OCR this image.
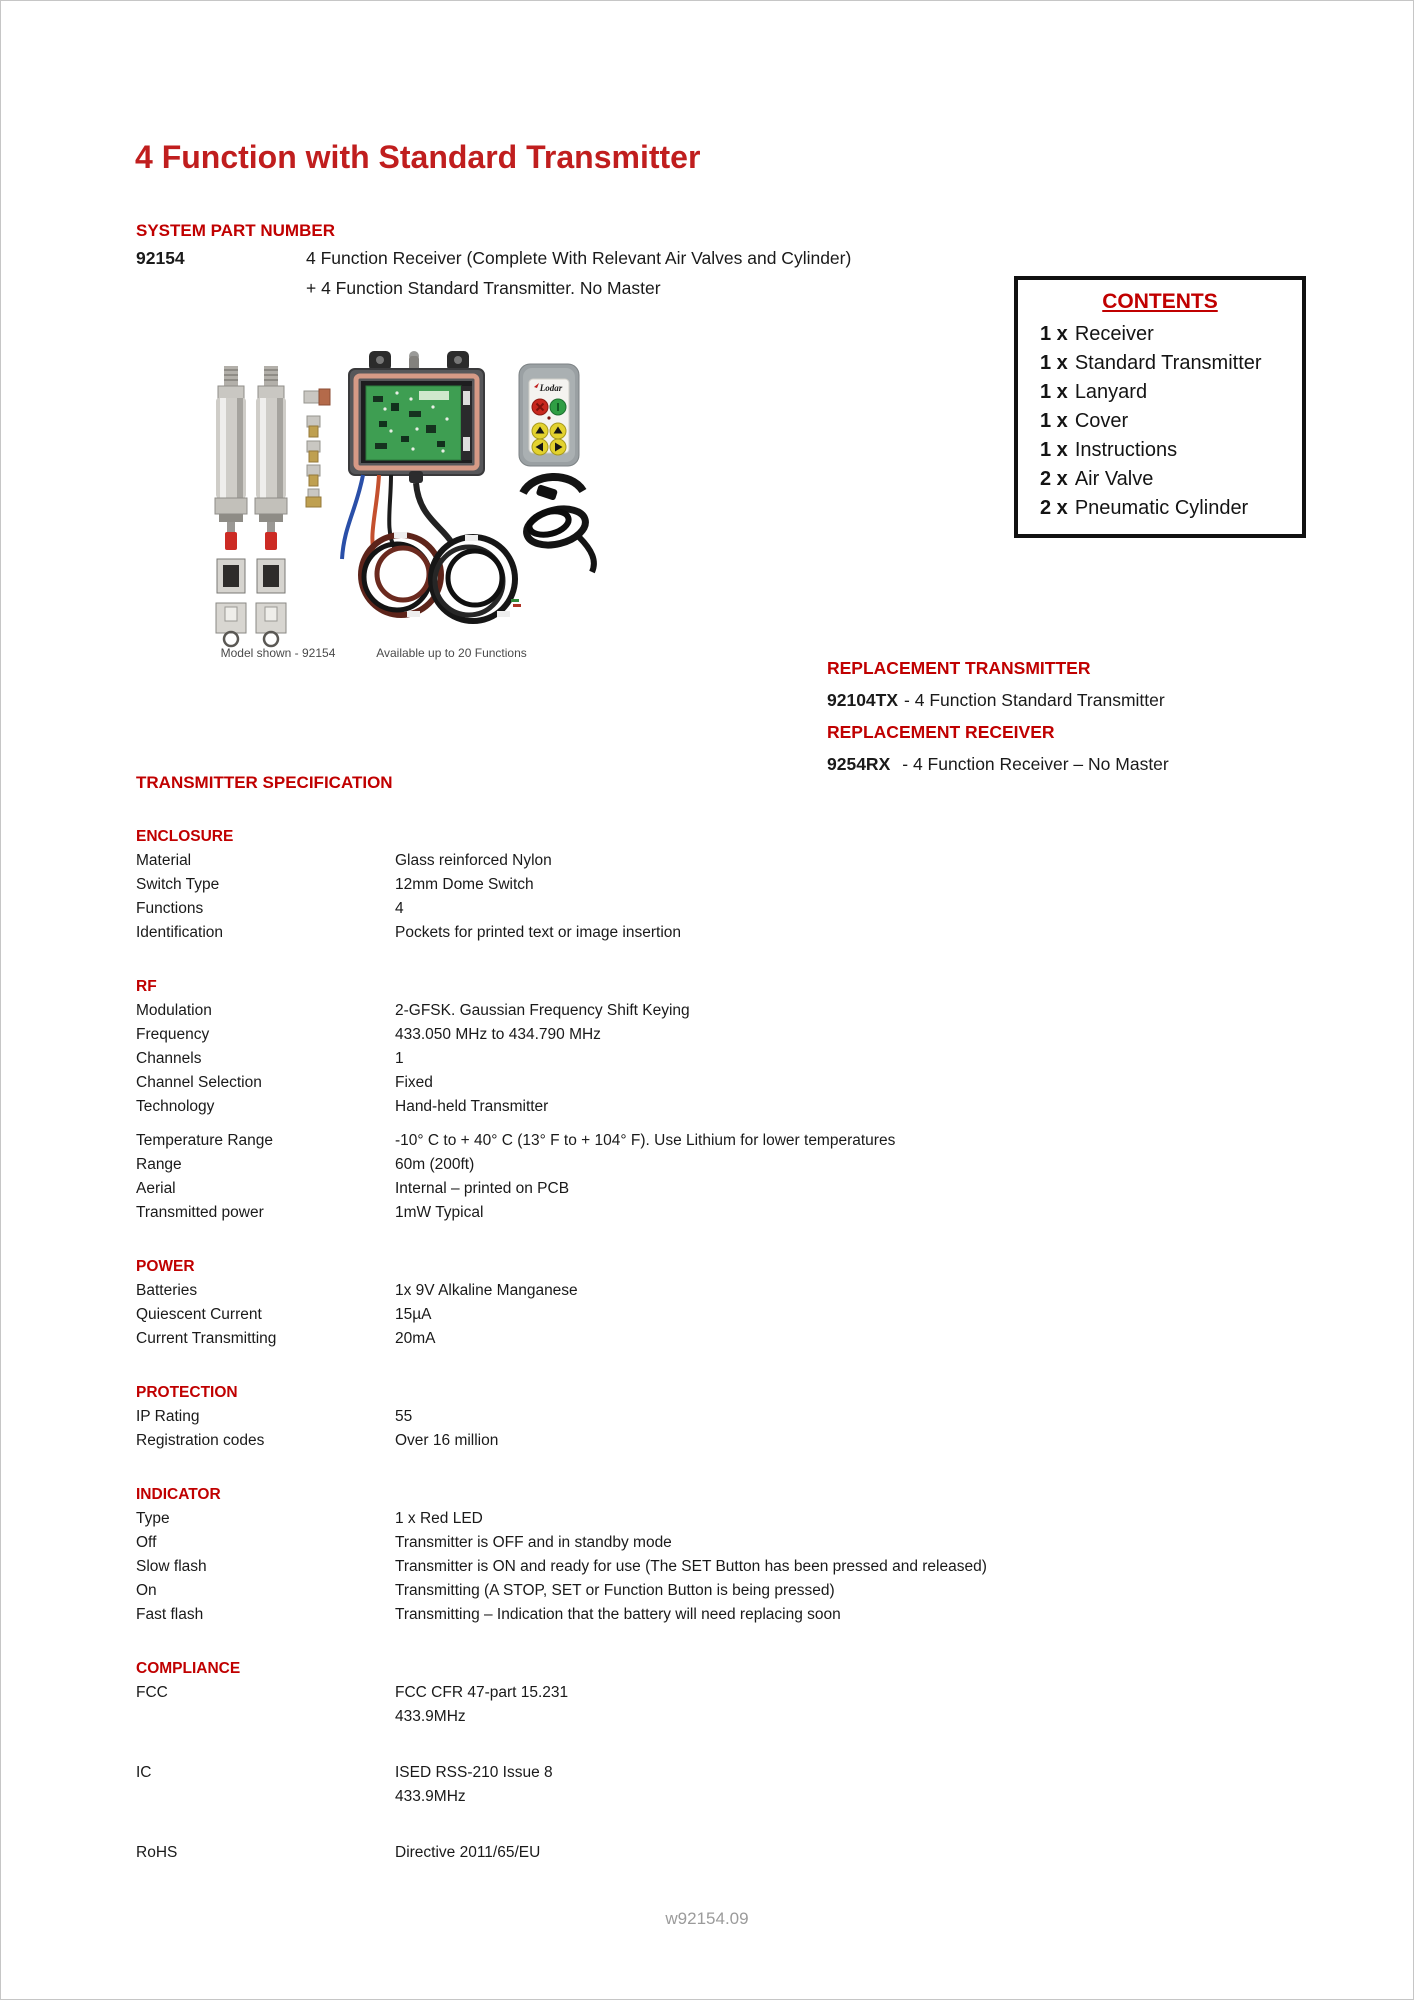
4 Function with Standard Transmitter
SYSTEM PART NUMBER
92154	4 Function Receiver (Complete With Relevant Air Valves and Cylinder)
+ 4 Function Standard Transmitter. No Master
CONTENTS
1 x Receiver
1 x Standard Transmitter
1 x Lanyard
1 x Cover
1 x Instructions
2 x Air Valve
2 x Pneumatic Cylinder
Lodar
Model shown - 92154	Available up to 20 Functions
REPLACEMENT TRANSMITTER
92104TX - 4 Function Standard Transmitter
REPLACEMENT RECEIVER
9254RX - 4 Function Receiver – No Master
TRANSMITTER SPECIFICATION
ENCLOSURE
Material	Glass reinforced Nylon
Switch Type	12mm Dome Switch
Functions	4
Identification	Pockets for printed text or image insertion
RF
Modulation	2-GFSK. Gaussian Frequency Shift Keying
Frequency	433.050 MHz to 434.790 MHz
Channels	1
Channel Selection	Fixed
Technology	Hand-held Transmitter
Temperature Range	-10° C to + 40° C (13° F to + 104° F). Use Lithium for lower temperatures
Range	60m (200ft)
Aerial	Internal – printed on PCB
Transmitted power	1mW Typical
POWER
Batteries	1x 9V Alkaline Manganese
Quiescent Current	15µA
Current Transmitting	20mA
PROTECTION
IP Rating	55
Registration codes	Over 16 million
INDICATOR
Type	1 x Red LED
Off	Transmitter is OFF and in standby mode
Slow flash	Transmitter is ON and ready for use (The SET Button has been pressed and released)
On	Transmitting (A STOP, SET or Function Button is being pressed)
Fast flash	Transmitting – Indication that the battery will need replacing soon
COMPLIANCE
FCC	FCC CFR 47-part 15.231
433.9MHz
IC	ISED RSS-210 Issue 8
433.9MHz
RoHS	Directive 2011/65/EU
w92154.09
